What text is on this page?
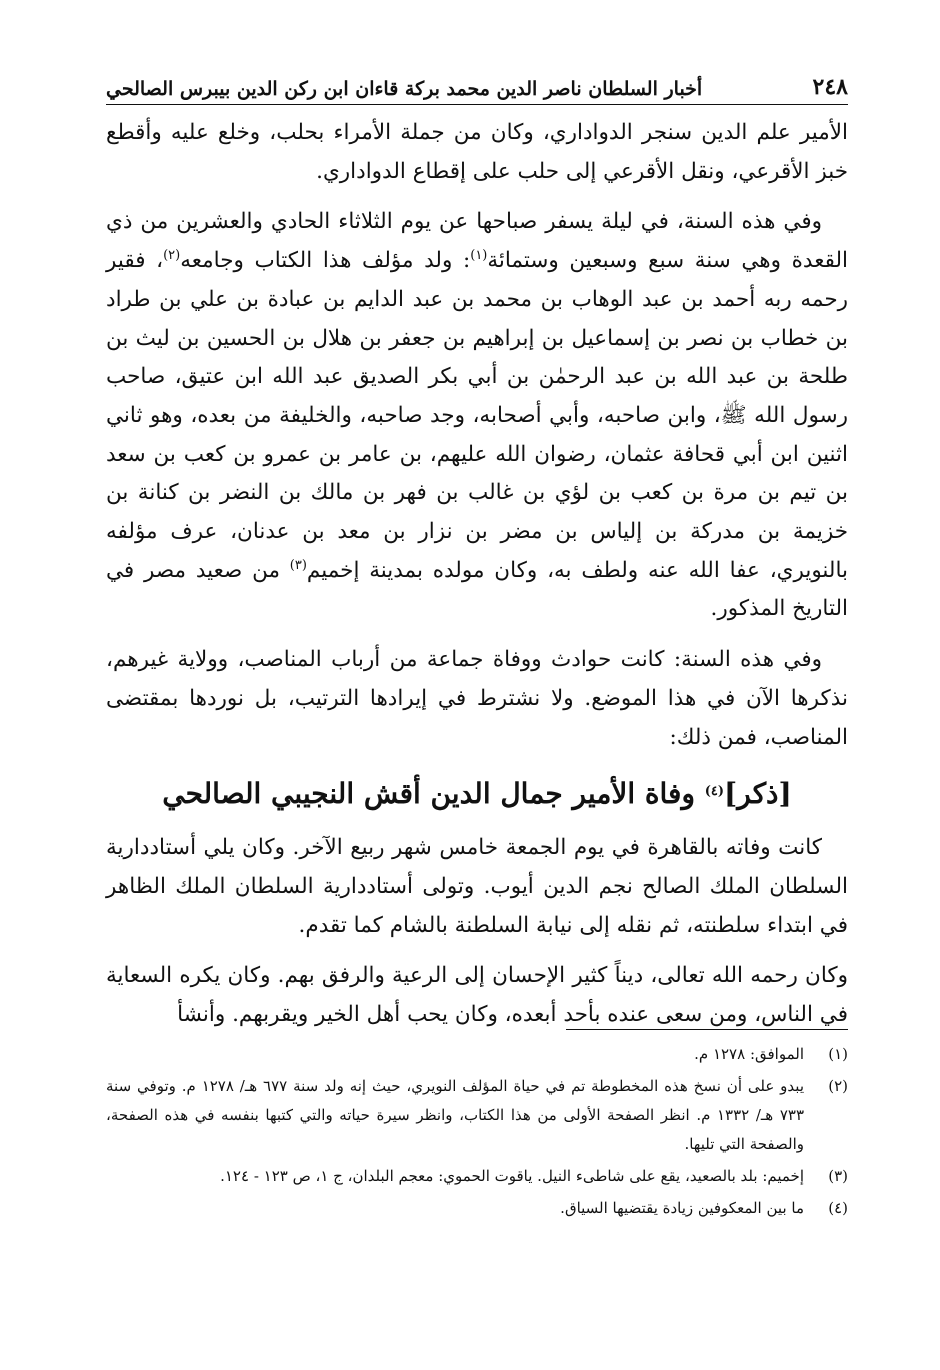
٢٤٨
أخبار السلطان ناصر الدين محمد بركة قاءان ابن ركن الدين بيبرس الصالحي

الأمير علم الدين سنجر الدواداري، وكان من جملة الأمراء بحلب، وخلع عليه وأقطع خبز الأقرعي، ونقل الأقرعي إلى حلب على إقطاع الدواداري.

وفي هذه السنة، في ليلة يسفر صباحها عن يوم الثلاثاء الحادي والعشرين من ذي القعدة وهي سنة سبع وسبعين وستمائة$^{(١)}$: ولد مؤلف هذا الكتاب وجامعه$^{(٢)}$، فقير رحمه ربه أحمد بن عبد الوهاب بن محمد بن عبد الدايم بن عبادة بن علي بن طراد بن خطاب بن نصر بن إسماعيل بن إبراهيم بن جعفر بن هلال بن الحسين بن ليث بن طلحة بن عبد الله بن عبد الرحمٰن بن أبي بكر الصديق عبد الله ابن عتيق، صاحب رسول الله ﷺ، وابن صاحبه، وأبي أصحابه، وجد صاحبه، والخليفة من بعده، وهو ثاني اثنين ابن أبي قحافة عثمان، رضوان الله عليهم، بن عامر بن عمرو بن كعب بن سعد بن تيم بن مرة بن كعب بن لؤي بن غالب بن فهر بن مالك بن النضر بن كنانة بن خزيمة بن مدركة بن إلياس بن مضر بن نزار بن معد بن عدنان، عرف مؤلفه بالنويري، عفا الله عنه ولطف به، وكان مولده بمدينة إخميم$^{(٣)}$ من صعيد مصر في التاريخ المذكور.

وفي هذه السنة: كانت حوادث ووفاة جماعة من أرباب المناصب، وولاية غيرهم، نذكرها الآن في هذا الموضع. ولا نشترط في إيرادها الترتيب، بل نوردها بمقتضى المناصب، فمن ذلك:

[ذكر]$^{(٤)}$ وفاة الأمير جمال الدين أقش النجيبي الصالحي

كانت وفاته بالقاهرة في يوم الجمعة خامس شهر ربيع الآخر. وكان يلي أستاددارية السلطان الملك الصالح نجم الدين أيوب. وتولى أستاددارية السلطان الملك الظاهر في ابتداء سلطنته، ثم نقله إلى نيابة السلطنة بالشام كما تقدم.

وكان رحمه الله تعالى، ديناً كثير الإحسان إلى الرعية والرفق بهم. وكان يكره السعاية في الناس، ومن سعى عنده بأحد أبعده، وكان يحب أهل الخير ويقربهم. وأنشأ

(١)
الموافق: ١٢٧٨ م.
(٢)
يبدو على أن نسخ هذه المخطوطة تم في حياة المؤلف النويري، حيث إنه ولد سنة ٦٧٧ هـ/ ١٢٧٨ م. وتوفي سنة ٧٣٣ هـ/ ١٣٣٢ م. انظر الصفحة الأولى من هذا الكتاب، وانظر سيرة حياته والتي كتبها بنفسه في هذه الصفحة، والصفحة التي تليها.
(٣)
إخميم: بلد بالصعيد، يقع على شاطىء النيل. ياقوت الحموي: معجم البلدان، ج ١، ص ١٢٣ - ١٢٤.
(٤)
ما بين المعكوفين زيادة يقتضيها السياق.
